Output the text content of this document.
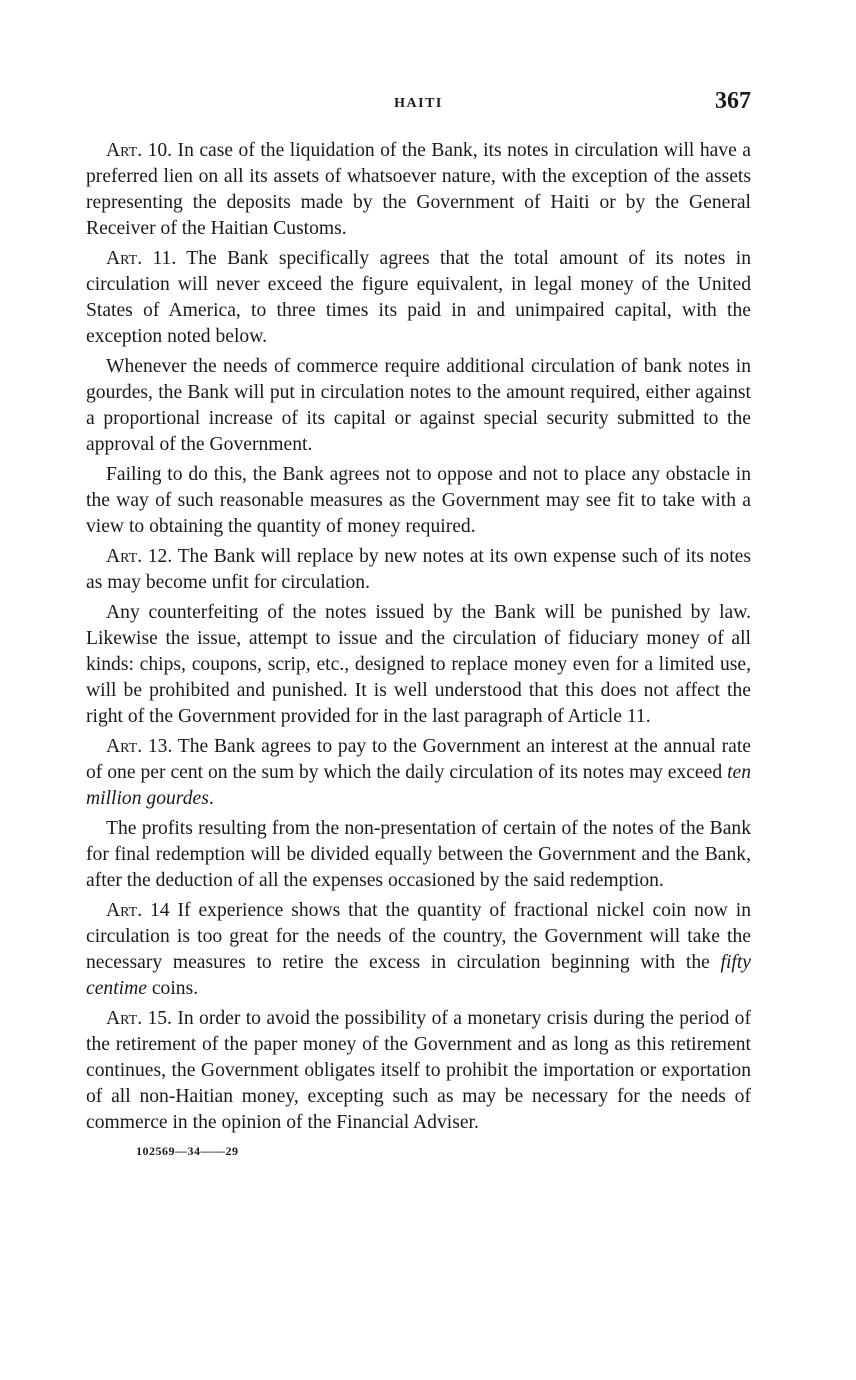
HAITI	367

Art. 10. In case of the liquidation of the Bank, its notes in circulation will have a preferred lien on all its assets of whatsoever nature, with the exception of the assets representing the deposits made by the Government of Haiti or by the General Receiver of the Haitian Customs.

Art. 11. The Bank specifically agrees that the total amount of its notes in circulation will never exceed the figure equivalent, in legal money of the United States of America, to three times its paid in and unimpaired capital, with the exception noted below.

Whenever the needs of commerce require additional circulation of bank notes in gourdes, the Bank will put in circulation notes to the amount required, either against a proportional increase of its capital or against special security submitted to the approval of the Government.

Failing to do this, the Bank agrees not to oppose and not to place any obstacle in the way of such reasonable measures as the Government may see fit to take with a view to obtaining the quantity of money required.

Art. 12. The Bank will replace by new notes at its own expense such of its notes as may become unfit for circulation.

Any counterfeiting of the notes issued by the Bank will be punished by law. Likewise the issue, attempt to issue and the circulation of fiduciary money of all kinds: chips, coupons, scrip, etc., designed to replace money even for a limited use, will be prohibited and punished. It is well understood that this does not affect the right of the Government provided for in the last paragraph of Article 11.

Art. 13. The Bank agrees to pay to the Government an interest at the annual rate of one per cent on the sum by which the daily circulation of its notes may exceed ten million gourdes.

The profits resulting from the non-presentation of certain of the notes of the Bank for final redemption will be divided equally between the Government and the Bank, after the deduction of all the expenses occasioned by the said redemption.

Art. 14 If experience shows that the quantity of fractional nickel coin now in circulation is too great for the needs of the country, the Government will take the necessary measures to retire the excess in circulation beginning with the fifty centime coins.

Art. 15. In order to avoid the possibility of a monetary crisis during the period of the retirement of the paper money of the Government and as long as this retirement continues, the Government obligates itself to prohibit the importation or exportation of all non-Haitian money, excepting such as may be necessary for the needs of commerce in the opinion of the Financial Adviser.

102569—34——29
